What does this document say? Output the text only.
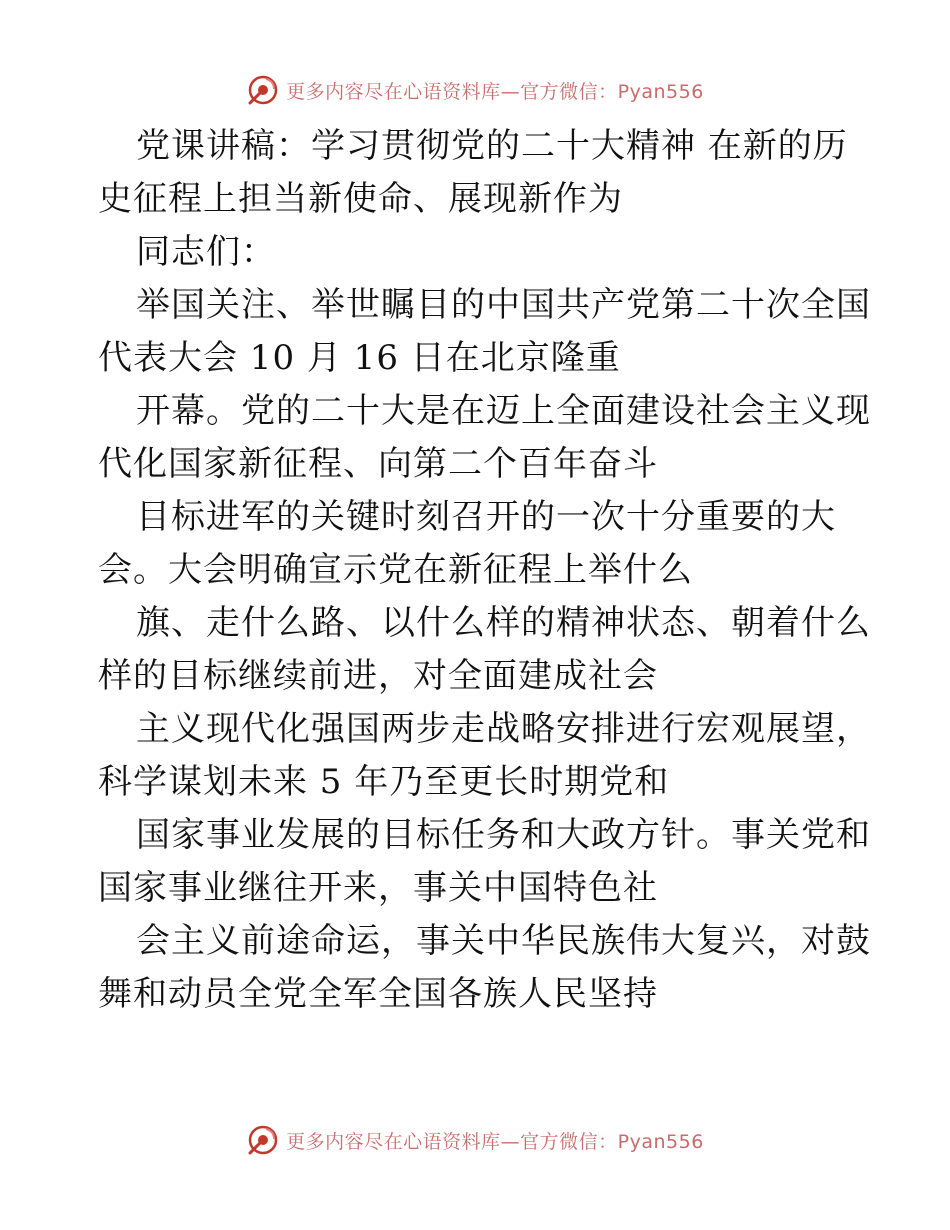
更多内容尽在心语资料库—官方微信：Pyan556
党课讲稿：学习贯彻党的二十大精神 在新的历
史征程上担当新使命、展现新作为
同志们：
举国关注、举世瞩目的中国共产党第二十次全国
代表大会 10 月 16 日在北京隆重
开幕。党的二十大是在迈上全面建设社会主义现
代化国家新征程、向第二个百年奋斗
目标进军的关键时刻召开的一次十分重要的大
会。大会明确宣示党在新征程上举什么
旗、走什么路、以什么样的精神状态、朝着什么
样的目标继续前进，对全面建成社会
主义现代化强国两步走战略安排进行宏观展望，
科学谋划未来 5 年乃至更长时期党和
国家事业发展的目标任务和大政方针。事关党和
国家事业继往开来，事关中国特色社
会主义前途命运，事关中华民族伟大复兴，对鼓
舞和动员全党全军全国各族人民坚持
更多内容尽在心语资料库—官方微信：Pyan556
